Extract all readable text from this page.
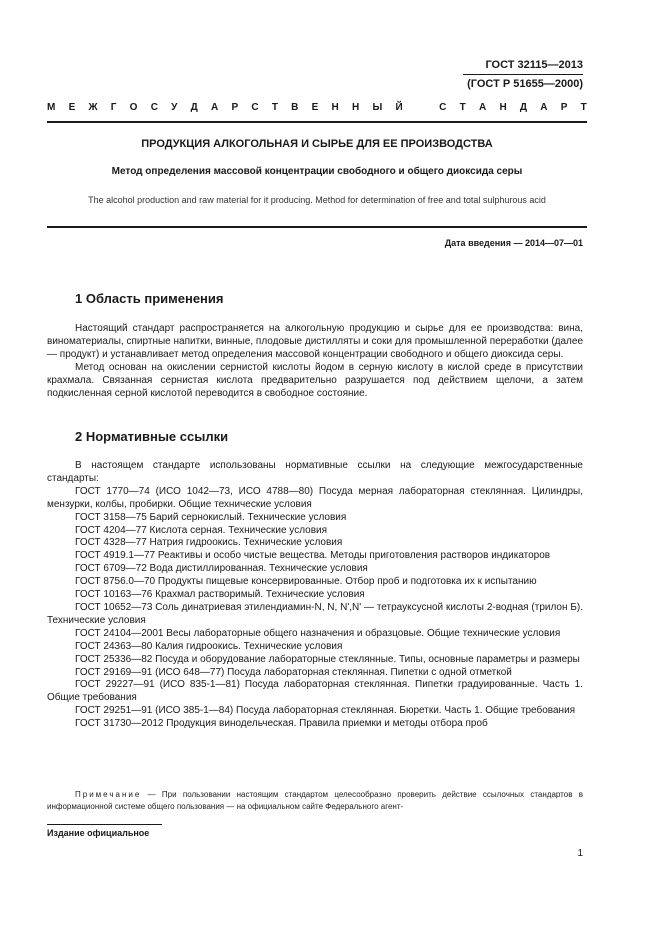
ГОСТ 32115—2013
(ГОСТ Р 51655—2000)
М Е Ж Г О С У Д А Р С Т В Е Н Н Ы Й	С Т А Н Д А Р Т
ПРОДУКЦИЯ АЛКОГОЛЬНАЯ И СЫРЬЕ ДЛЯ ЕЕ ПРОИЗВОДСТВА
Метод определения массовой концентрации свободного и общего диоксида серы
The alcohol production and raw material for it producing. Method for determination of free and total sulphurous acid
Дата введения — 2014—07—01
1 Область применения

Настоящий стандарт распространяется на алкогольную продукцию и сырье для ее производства: вина, виноматериалы, спиртные напитки, винные, плодовые дистилляты и соки для промышленной переработки (далее — продукт) и устанавливает метод определения массовой концентрации свободного и общего диоксида серы.

Метод основан на окислении сернистой кислоты йодом в серную кислоту в кислой среде в присутствии крахмала. Связанная сернистая кислота предварительно разрушается под действием щелочи, а затем подкисленная серной кислотой переводится в свободное состояние.

2 Нормативные ссылки

В настоящем стандарте использованы нормативные ссылки на следующие межгосударственные стандарты:

ГОСТ 1770—74 (ИСО 1042—73, ИСО 4788—80) Посуда мерная лабораторная стеклянная. Цилиндры, мензурки, колбы, пробирки. Общие технические условия

ГОСТ 3158—75 Барий сернокислый. Технические условия

ГОСТ 4204—77 Кислота серная. Технические условия

ГОСТ 4328—77 Натрия гидроокись. Технические условия

ГОСТ 4919.1—77 Реактивы и особо чистые вещества. Методы приготовления растворов индикаторов

ГОСТ 6709—72 Вода дистиллированная. Технические условия

ГОСТ 8756.0—70 Продукты пищевые консервированные. Отбор проб и подготовка их к испытанию

ГОСТ 10163—76 Крахмал растворимый. Технические условия

ГОСТ 10652—73 Соль динатриевая этилендиамин-N, N, N',N' — тетрауксусной кислоты 2-водная (трилон Б). Технические условия

ГОСТ 24104—2001 Весы лабораторные общего назначения и образцовые. Общие технические условия

ГОСТ 24363—80 Калия гидроокись. Технические условия

ГОСТ 25336—82 Посуда и оборудование лабораторные стеклянные. Типы, основные параметры и размеры

ГОСТ 29169—91 (ИСО 648—77) Посуда лабораторная стеклянная. Пипетки с одной отметкой

ГОСТ 29227—91 (ИСО 835-1—81) Посуда лабораторная стеклянная. Пипетки градуированные. Часть 1. Общие требования

ГОСТ 29251—91 (ИСО 385-1—84) Посуда лабораторная стеклянная. Бюретки. Часть 1. Общие требования

ГОСТ 31730—2012 Продукция винодельческая. Правила приемки и методы отбора проб

Примечание — При пользовании настоящим стандартом целесообразно проверить действие ссылочных стандартов в информационной системе общего пользования — на официальном сайте Федерального агент-

Издание официальное
1
